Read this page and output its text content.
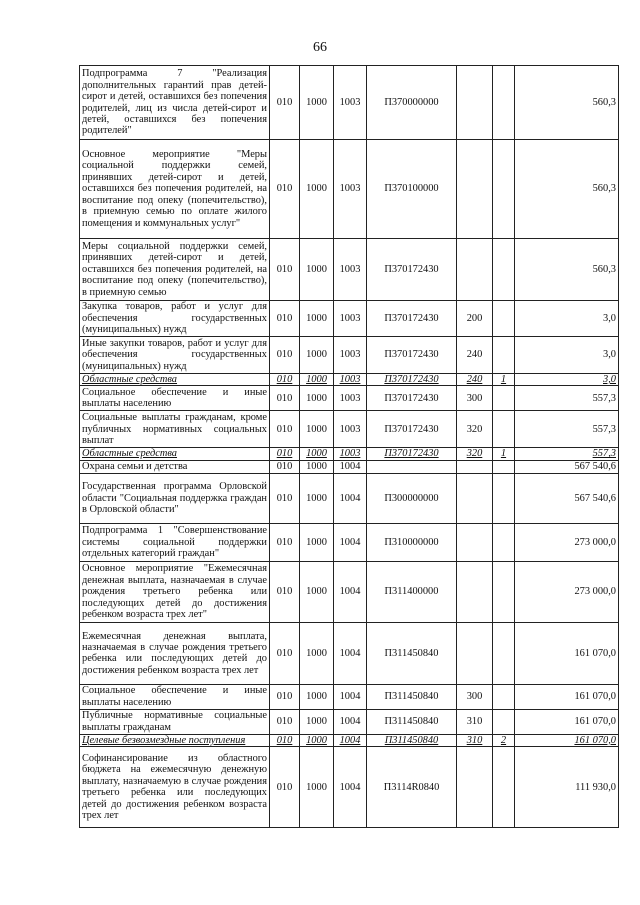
66
Подпрограмма 7 "Реализация дополнительных гарантий прав детей-сирот и детей, оставшихся без попечения родителей, лиц из числа детей-сирот и детей, оставшихся без попечения родителей"	010	1000	1003	П370000000			560,3
Основное мероприятие "Меры социальной поддержки семей, принявших детей-сирот и детей, оставшихся без попечения родителей, на воспитание под опеку (попечительство), в приемную семью по оплате жилого помещения и коммунальных услуг"	010	1000	1003	П370100000			560,3
Меры социальной поддержки семей, принявших детей-сирот и детей, оставшихся без попечения родителей, на воспитание под опеку (попечительство), в приемную семью	010	1000	1003	П370172430			560,3
Закупка товаров, работ и услуг для обеспечения государственных (муниципальных) нужд	010	1000	1003	П370172430	200		3,0
Иные закупки товаров, работ и услуг для обеспечения государственных (муниципальных) нужд	010	1000	1003	П370172430	240		3,0
Областные средства	010	1000	1003	П370172430	240	1	3,0
Социальное обеспечение и иные выплаты населению	010	1000	1003	П370172430	300		557,3
Социальные выплаты гражданам, кроме публичных нормативных социальных выплат	010	1000	1003	П370172430	320		557,3
Областные средства	010	1000	1003	П370172430	320	1	557,3
Охрана семьи и детства	010	1000	1004				567 540,6
Государственная программа Орловской области "Социальная поддержка граждан в Орловской области"	010	1000	1004	П300000000			567 540,6
Подпрограмма 1 "Совершенствование системы социальной поддержки отдельных категорий граждан"	010	1000	1004	П310000000			273 000,0
Основное мероприятие "Ежемесячная денежная выплата, назначаемая в случае рождения третьего ребенка или последующих детей до достижения ребенком возраста трех лет"	010	1000	1004	П311400000			273 000,0
Ежемесячная денежная выплата, назначаемая в случае рождения третьего ребенка или последующих детей до достижения ребенком возраста трех лет	010	1000	1004	П311450840			161 070,0
Социальное обеспечение и иные выплаты населению	010	1000	1004	П311450840	300		161 070,0
Публичные нормативные социальные выплаты гражданам	010	1000	1004	П311450840	310		161 070,0
Целевые безвозмездные поступления	010	1000	1004	П311450840	310	2	161 070,0
Софинансирование из областного бюджета на ежемесячную денежную выплату, назначаемую в случае рождения третьего ребенка или последующих детей до достижения ребенком возраста трех лет	010	1000	1004	П3114R0840			111 930,0
